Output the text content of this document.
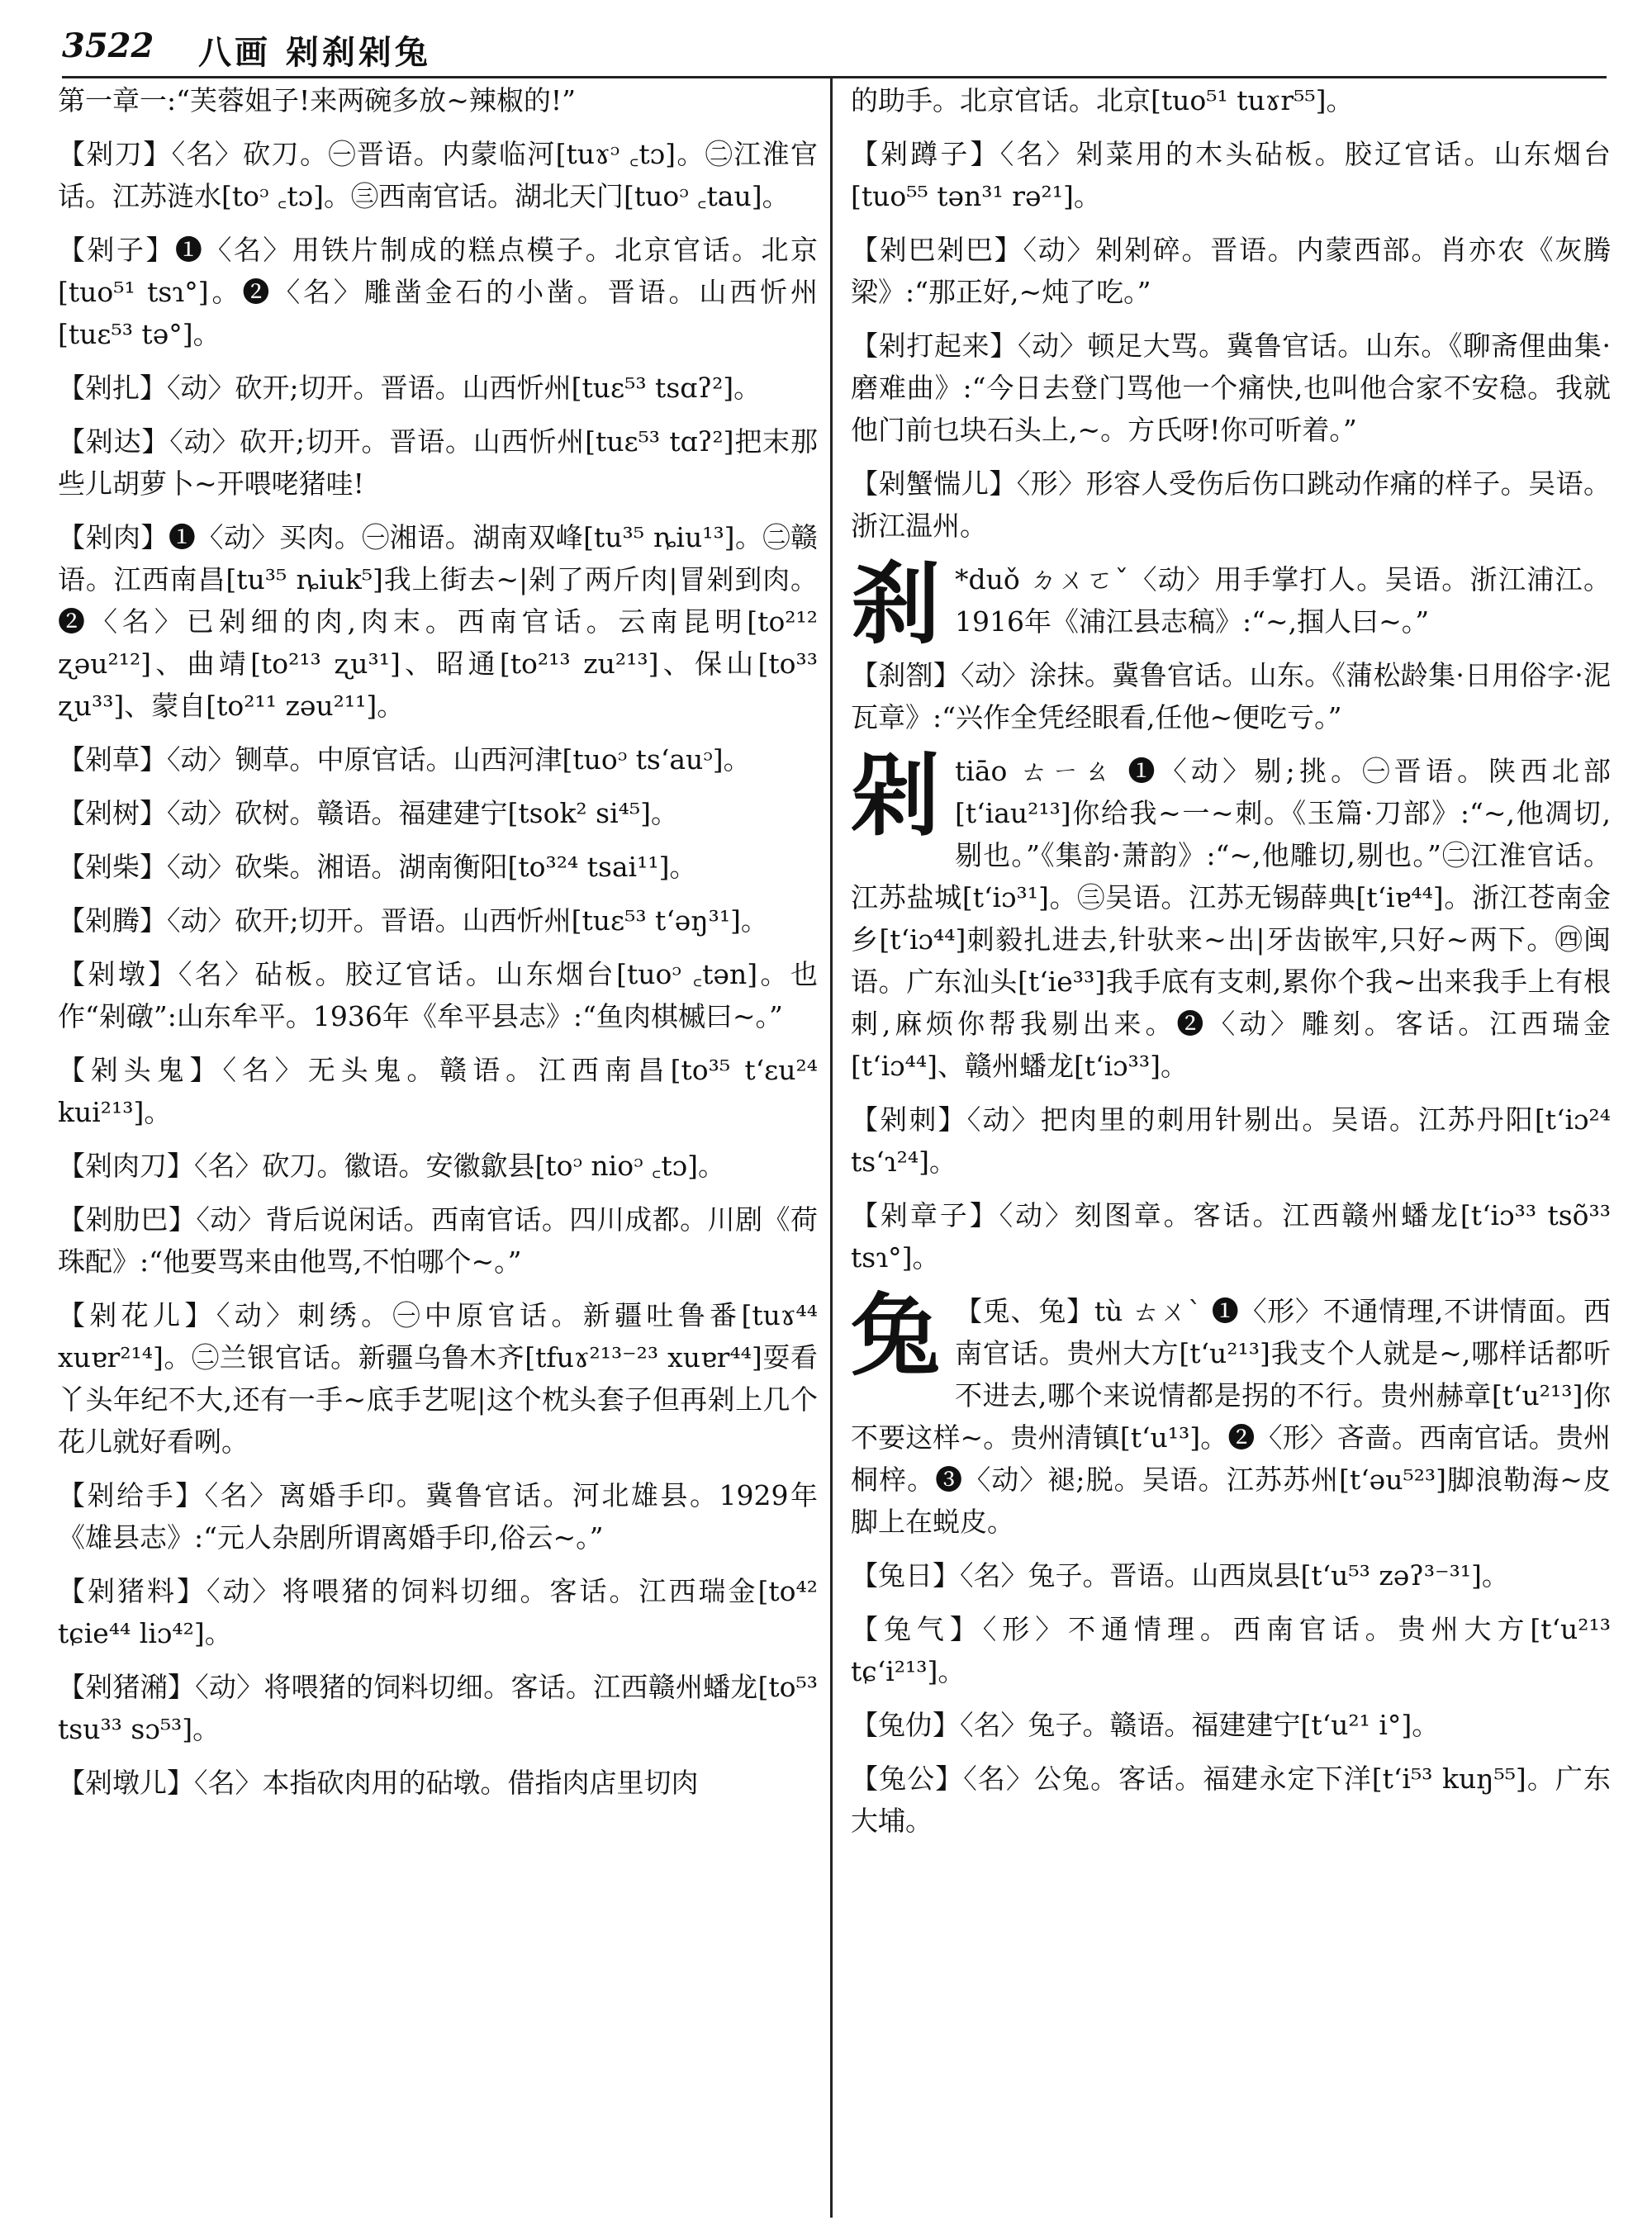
3522 八画 剁刹剁兔

第一章一:“芙蓉姐子!来两碗多放~辣椒的!”

【剁刀】〈名〉砍刀。㊀晋语。内蒙临河[tuɤᵓ ꜀tɔ]。㊁江淮官话。江苏涟水[toᵓ ꜀tɔ]。㊂西南官话。湖北天门[tuoᵓ ꜀tau]。

【剁子】❶〈名〉用铁片制成的糕点模子。北京官话。北京[tuo⁵¹ tsɿ°]。❷〈名〉雕凿金石的小凿。晋语。山西忻州[tuɛ⁵³ tə°]。

【剁扎】〈动〉砍开;切开。晋语。山西忻州[tuɛ⁵³ tsɑʔ²]。

【剁达】〈动〉砍开;切开。晋语。山西忻州[tuɛ⁵³ tɑʔ²]把末那些儿胡萝卜~开喂咾猪哇!

【剁肉】❶〈动〉买肉。㊀湘语。湖南双峰[tu³⁵ ȵiu¹³]。㊁赣语。江西南昌[tu³⁵ ȵiuk⁵]我上街去~|剁了两斤肉|冒剁到肉。❷〈名〉已剁细的肉,肉末。西南官话。云南昆明[to²¹² ʐəu²¹²]、曲靖[to²¹³ ʐu³¹]、昭通[to²¹³ zu²¹³]、保山[to³³ ʐu³³]、蒙自[to²¹¹ zəu²¹¹]。

【剁草】〈动〉铡草。中原官话。山西河津[tuoᵓ tsʻauᵓ]。

【剁树】〈动〉砍树。赣语。福建建宁[tsok² si⁴⁵]。

【剁柴】〈动〉砍柴。湘语。湖南衡阳[to³²⁴ tsai¹¹]。

【剁腾】〈动〉砍开;切开。晋语。山西忻州[tuɛ⁵³ tʻəŋ³¹]。

【剁墩】〈名〉砧板。胶辽官话。山东烟台[tuoᵓ ꜀tən]。也作“剁礅”:山东牟平。1936年《牟平县志》:“鱼肉棋槭曰~。”

【剁头鬼】〈名〉无头鬼。赣语。江西南昌[to³⁵ tʻɛu²⁴ kui²¹³]。

【剁肉刀】〈名〉砍刀。徽语。安徽歙县[toᵓ nioᵓ ꜀tɔ]。

【剁肋巴】〈动〉背后说闲话。西南官话。四川成都。川剧《荷珠配》:“他要骂来由他骂,不怕哪个~。”

【剁花儿】〈动〉刺绣。㊀中原官话。新疆吐鲁番[tuɤ⁴⁴ xuɐr²¹⁴]。㊁兰银官话。新疆乌鲁木齐[tfuɤ²¹³⁻²³ xuɐr⁴⁴]耍看丫头年纪不大,还有一手~底手艺呢|这个枕头套子但再剁上几个花儿就好看咧。

【剁给手】〈名〉离婚手印。冀鲁官话。河北雄县。1929年《雄县志》:“元人杂剧所谓离婚手印,俗云~。”

【剁猪料】〈动〉将喂猪的饲料切细。客话。江西瑞金[to⁴² tɕie⁴⁴ liɔ⁴²]。

【剁猪潲】〈动〉将喂猪的饲料切细。客话。江西赣州蟠龙[to⁵³ tsu³³ sɔ⁵³]。

【剁墩儿】〈名〉本指砍肉用的砧墩。借指肉店里切肉

的助手。北京官话。北京[tuo⁵¹ tuɤr⁵⁵]。

【剁蹲子】〈名〉剁菜用的木头砧板。胶辽官话。山东烟台[tuo⁵⁵ tən³¹ rə²¹]。

【剁巴剁巴】〈动〉剁剁碎。晋语。内蒙西部。肖亦农《灰腾梁》:“那正好,~炖了吃。”

【剁打起来】〈动〉顿足大骂。冀鲁官话。山东。《聊斋俚曲集·磨难曲》:“今日去登门骂他一个痛快,也叫他合家不安稳。我就他门前乜块石头上,~。方氏呀!你可听着。”

【剁蟹惴儿】〈形〉形容人受伤后伤口跳动作痛的样子。吴语。浙江温州。

刹 *duǒ ㄉㄨㄛˇ〈动〉用手掌打人。吴语。浙江浦江。1916年《浦江县志稿》:“~,掴人曰~。”

【刹劄】〈动〉涂抹。冀鲁官话。山东。《蒲松龄集·日用俗字·泥瓦章》:“兴作全凭经眼看,任他~便吃亏。”

剁tiāo ㄊㄧㄠ ❶〈动〉剔;挑。㊀晋语。陕西北部[tʻiau²¹³]你给我~一~刺。《玉篇·刀部》:“~,他凋切,剔也。”《集韵·萧韵》:“~,他雕切,剔也。”㊁江淮官话。江苏盐城[tʻiɔ³¹]。㊂吴语。江苏无锡薛典[tʻiɐ⁴⁴]。浙江苍南金乡[tʻiɔ⁴⁴]刺毅扎进去,针驮来~出|牙齿嵌牢,只好~两下。㊃闽语。广东汕头[tʻie³³]我手底有支刺,累你个我~出来我手上有根刺,麻烦你帮我剔出来。❷〈动〉雕刻。客话。江西瑞金[tʻiɔ⁴⁴]、赣州蟠龙[tʻiɔ³³]。

【剁刺】〈动〉把肉里的刺用针剔出。吴语。江苏丹阳[tʻiɔ²⁴ tsʻɿ²⁴]。

【剁章子】〈动〉刻图章。客话。江西赣州蟠龙[tʻiɔ³³ tsõ³³ tsɿ°]。

兔 【兎、兔】tù ㄊㄨˋ ❶〈形〉不通情理,不讲情面。西南官话。贵州大方[tʻu²¹³]我支个人就是~,哪样话都听不进去,哪个来说情都是拐的不行。贵州赫章[tʻu²¹³]你不要这样~。贵州清镇[tʻu¹³]。❷〈形〉吝啬。西南官话。贵州桐梓。❸〈动〉褪;脱。吴语。江苏苏州[tʻəu⁵²³]脚浪勒海~皮脚上在蜕皮。

【兔日】〈名〉兔子。晋语。山西岚县[tʻu⁵³ zəʔ³⁻³¹]。

【兔气】〈形〉不通情理。西南官话。贵州大方[tʻu²¹³ tɕʻi²¹³]。

【兔仂】〈名〉兔子。赣语。福建建宁[tʻu²¹ i°]。

【兔公】〈名〉公兔。客话。福建永定下洋[tʻi⁵³ kuŋ⁵⁵]。广东大埔。
